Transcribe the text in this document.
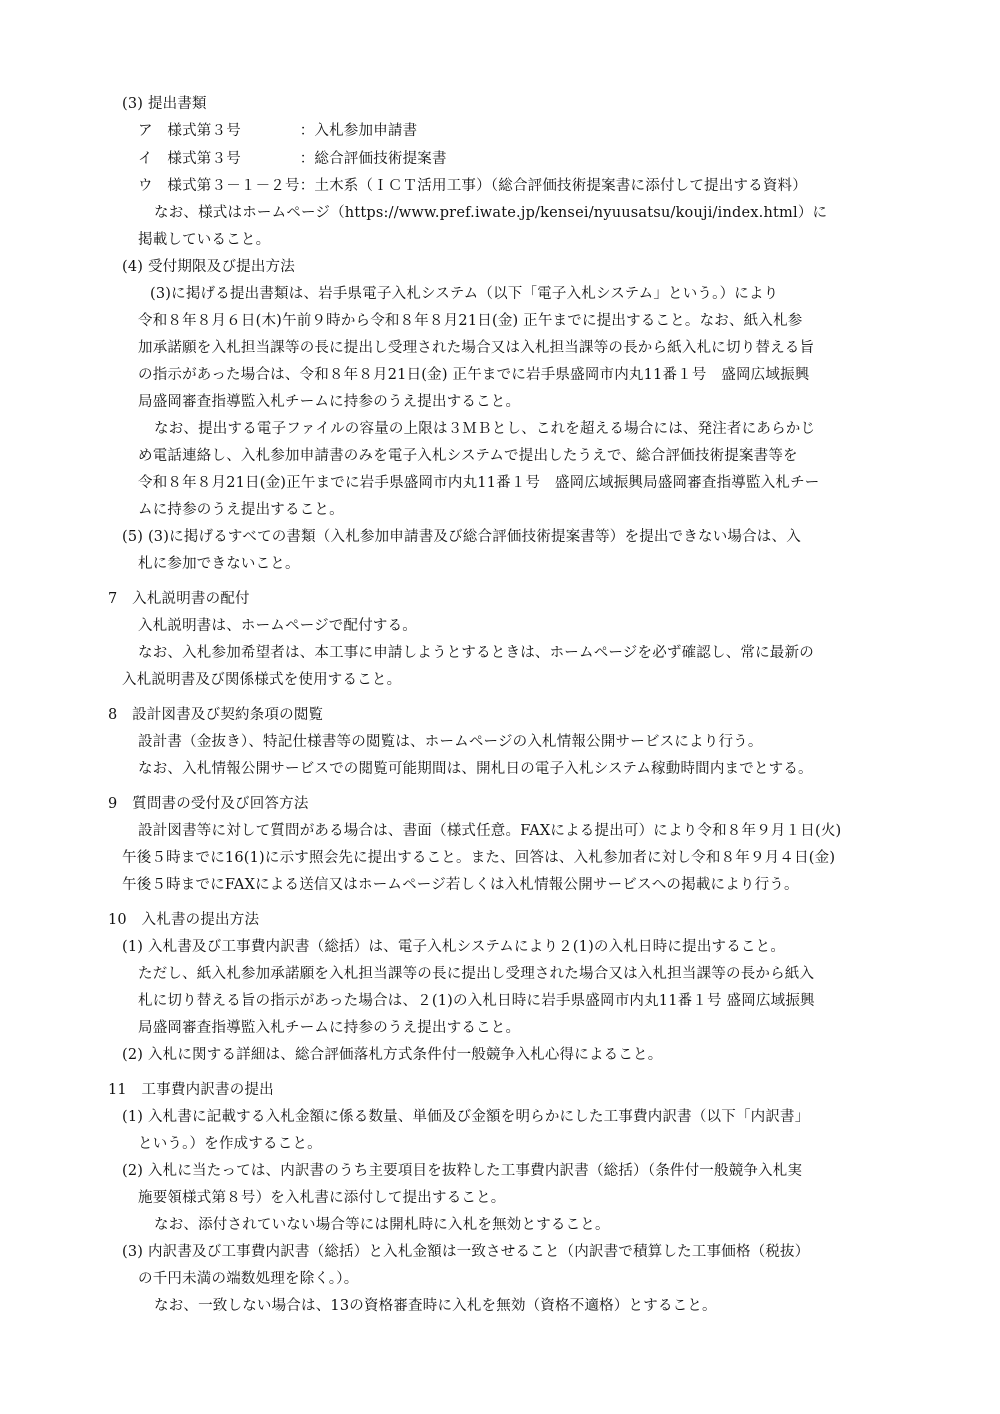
(3) 提出書類
ア　様式第３号　　　　：入札参加申請書
イ　様式第３号　　　　：総合評価技術提案書
ウ　様式第３－１－２号：土木系（ＩＣＴ活用工事）（総合評価技術提案書に添付して提出する資料）
なお、様式はホームページ（https://www.pref.iwate.jp/kensei/nyuusatsu/kouji/index.html）に
掲載していること。
(4) 受付期限及び提出方法
(3)に掲げる提出書類は、岩手県電子入札システム（以下「電子入札システム」という。）により
令和８年８月６日(木)午前９時から令和８年８月21日(金) 正午までに提出すること。なお、紙入札参
加承諾願を入札担当課等の長に提出し受理された場合又は入札担当課等の長から紙入札に切り替える旨
の指示があった場合は、令和８年８月21日(金) 正午までに岩手県盛岡市内丸11番１号　盛岡広域振興
局盛岡審査指導監入札チームに持参のうえ提出すること。
なお、提出する電子ファイルの容量の上限は３ＭＢとし、これを超える場合には、発注者にあらかじ
め電話連絡し、入札参加申請書のみを電子入札システムで提出したうえで、総合評価技術提案書等を
令和８年８月21日(金)正午までに岩手県盛岡市内丸11番１号　盛岡広域振興局盛岡審査指導監入札チー
ムに持参のうえ提出すること。
(5) (3)に掲げるすべての書類（入札参加申請書及び総合評価技術提案書等）を提出できない場合は、入
札に参加できないこと。
7　入札説明書の配付
入札説明書は、ホームページで配付する。
なお、入札参加希望者は、本工事に申請しようとするときは、ホームページを必ず確認し、常に最新の
入札説明書及び関係様式を使用すること。
8　設計図書及び契約条項の閲覧
設計書（金抜き）、特記仕様書等の閲覧は、ホームページの入札情報公開サービスにより行う。
なお、入札情報公開サービスでの閲覧可能期間は、開札日の電子入札システム稼動時間内までとする。
9　質問書の受付及び回答方法
設計図書等に対して質問がある場合は、書面（様式任意。FAXによる提出可）により令和８年９月１日(火)
午後５時までに16(1)に示す照会先に提出すること。また、回答は、入札参加者に対し令和８年９月４日(金)
午後５時までにFAXによる送信又はホームページ若しくは入札情報公開サービスへの掲載により行う。
10　入札書の提出方法
(1) 入札書及び工事費内訳書（総括）は、電子入札システムにより２(1)の入札日時に提出すること。
ただし、紙入札参加承諾願を入札担当課等の長に提出し受理された場合又は入札担当課等の長から紙入
札に切り替える旨の指示があった場合は、２(1)の入札日時に岩手県盛岡市内丸11番１号 盛岡広域振興
局盛岡審査指導監入札チームに持参のうえ提出すること。
(2) 入札に関する詳細は、総合評価落札方式条件付一般競争入札心得によること。
11　工事費内訳書の提出
(1) 入札書に記載する入札金額に係る数量、単価及び金額を明らかにした工事費内訳書（以下「内訳書」
という。）を作成すること。
(2) 入札に当たっては、内訳書のうち主要項目を抜粋した工事費内訳書（総括）（条件付一般競争入札実
施要領様式第８号）を入札書に添付して提出すること。
なお、添付されていない場合等には開札時に入札を無効とすること。
(3) 内訳書及び工事費内訳書（総括）と入札金額は一致させること（内訳書で積算した工事価格（税抜）
の千円未満の端数処理を除く。）。
なお、一致しない場合は、13の資格審査時に入札を無効（資格不適格）とすること。
